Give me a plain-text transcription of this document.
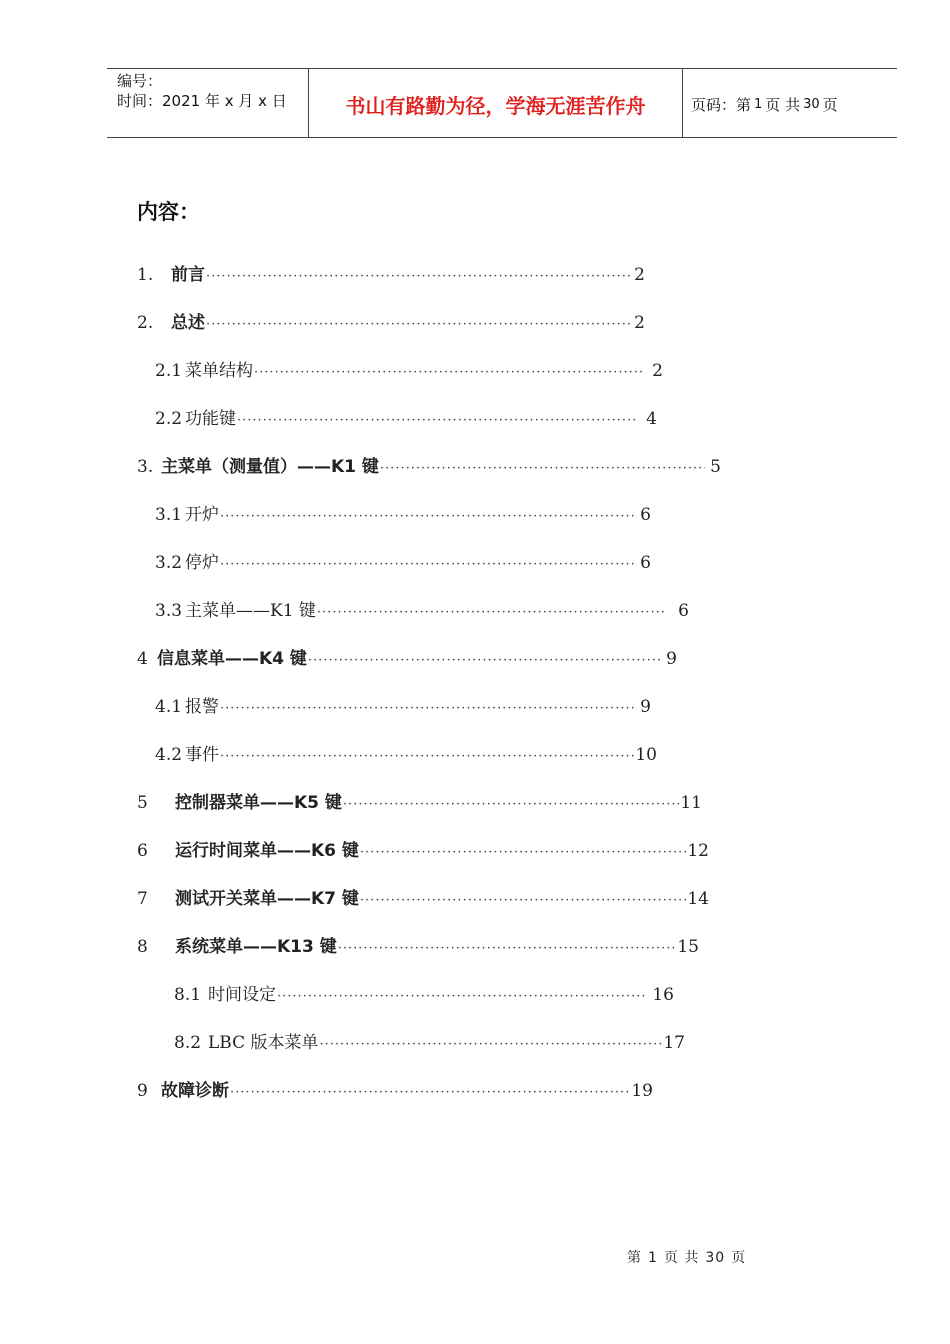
编号：
时间：2021 年 x 月 x 日	书山有路勤为径，学海无涯苦作舟	页码：第 1 页 共 30 页
内容：
1.	前言 ·····	2
2.	总述 ·····	2
2.1 菜单结构 ·····	2
2.2 功能键 ·····	4
3. 主菜单（测量值）——K1 键 ·····	5
3.1 开炉 ·····	6
3.2 停炉 ·····	6
3.3 主菜单——K1 键 ·····	6
4 信息菜单——K4 键 ·····	9
4.1 报警 ·····	9
4.2 事件 ·····	10
5	控制器菜单——K5 键 ·····	11
6	运行时间菜单——K6 键 ·····	12
7	测试开关菜单——K7 键 ·····	14
8	系统菜单——K13 键 ·····	15
8.1 时间设定 ·····	16
8.2 LBC 版本菜单 ·····	17
9 故障诊断 ·····	19
第 1 页 共 30 页
